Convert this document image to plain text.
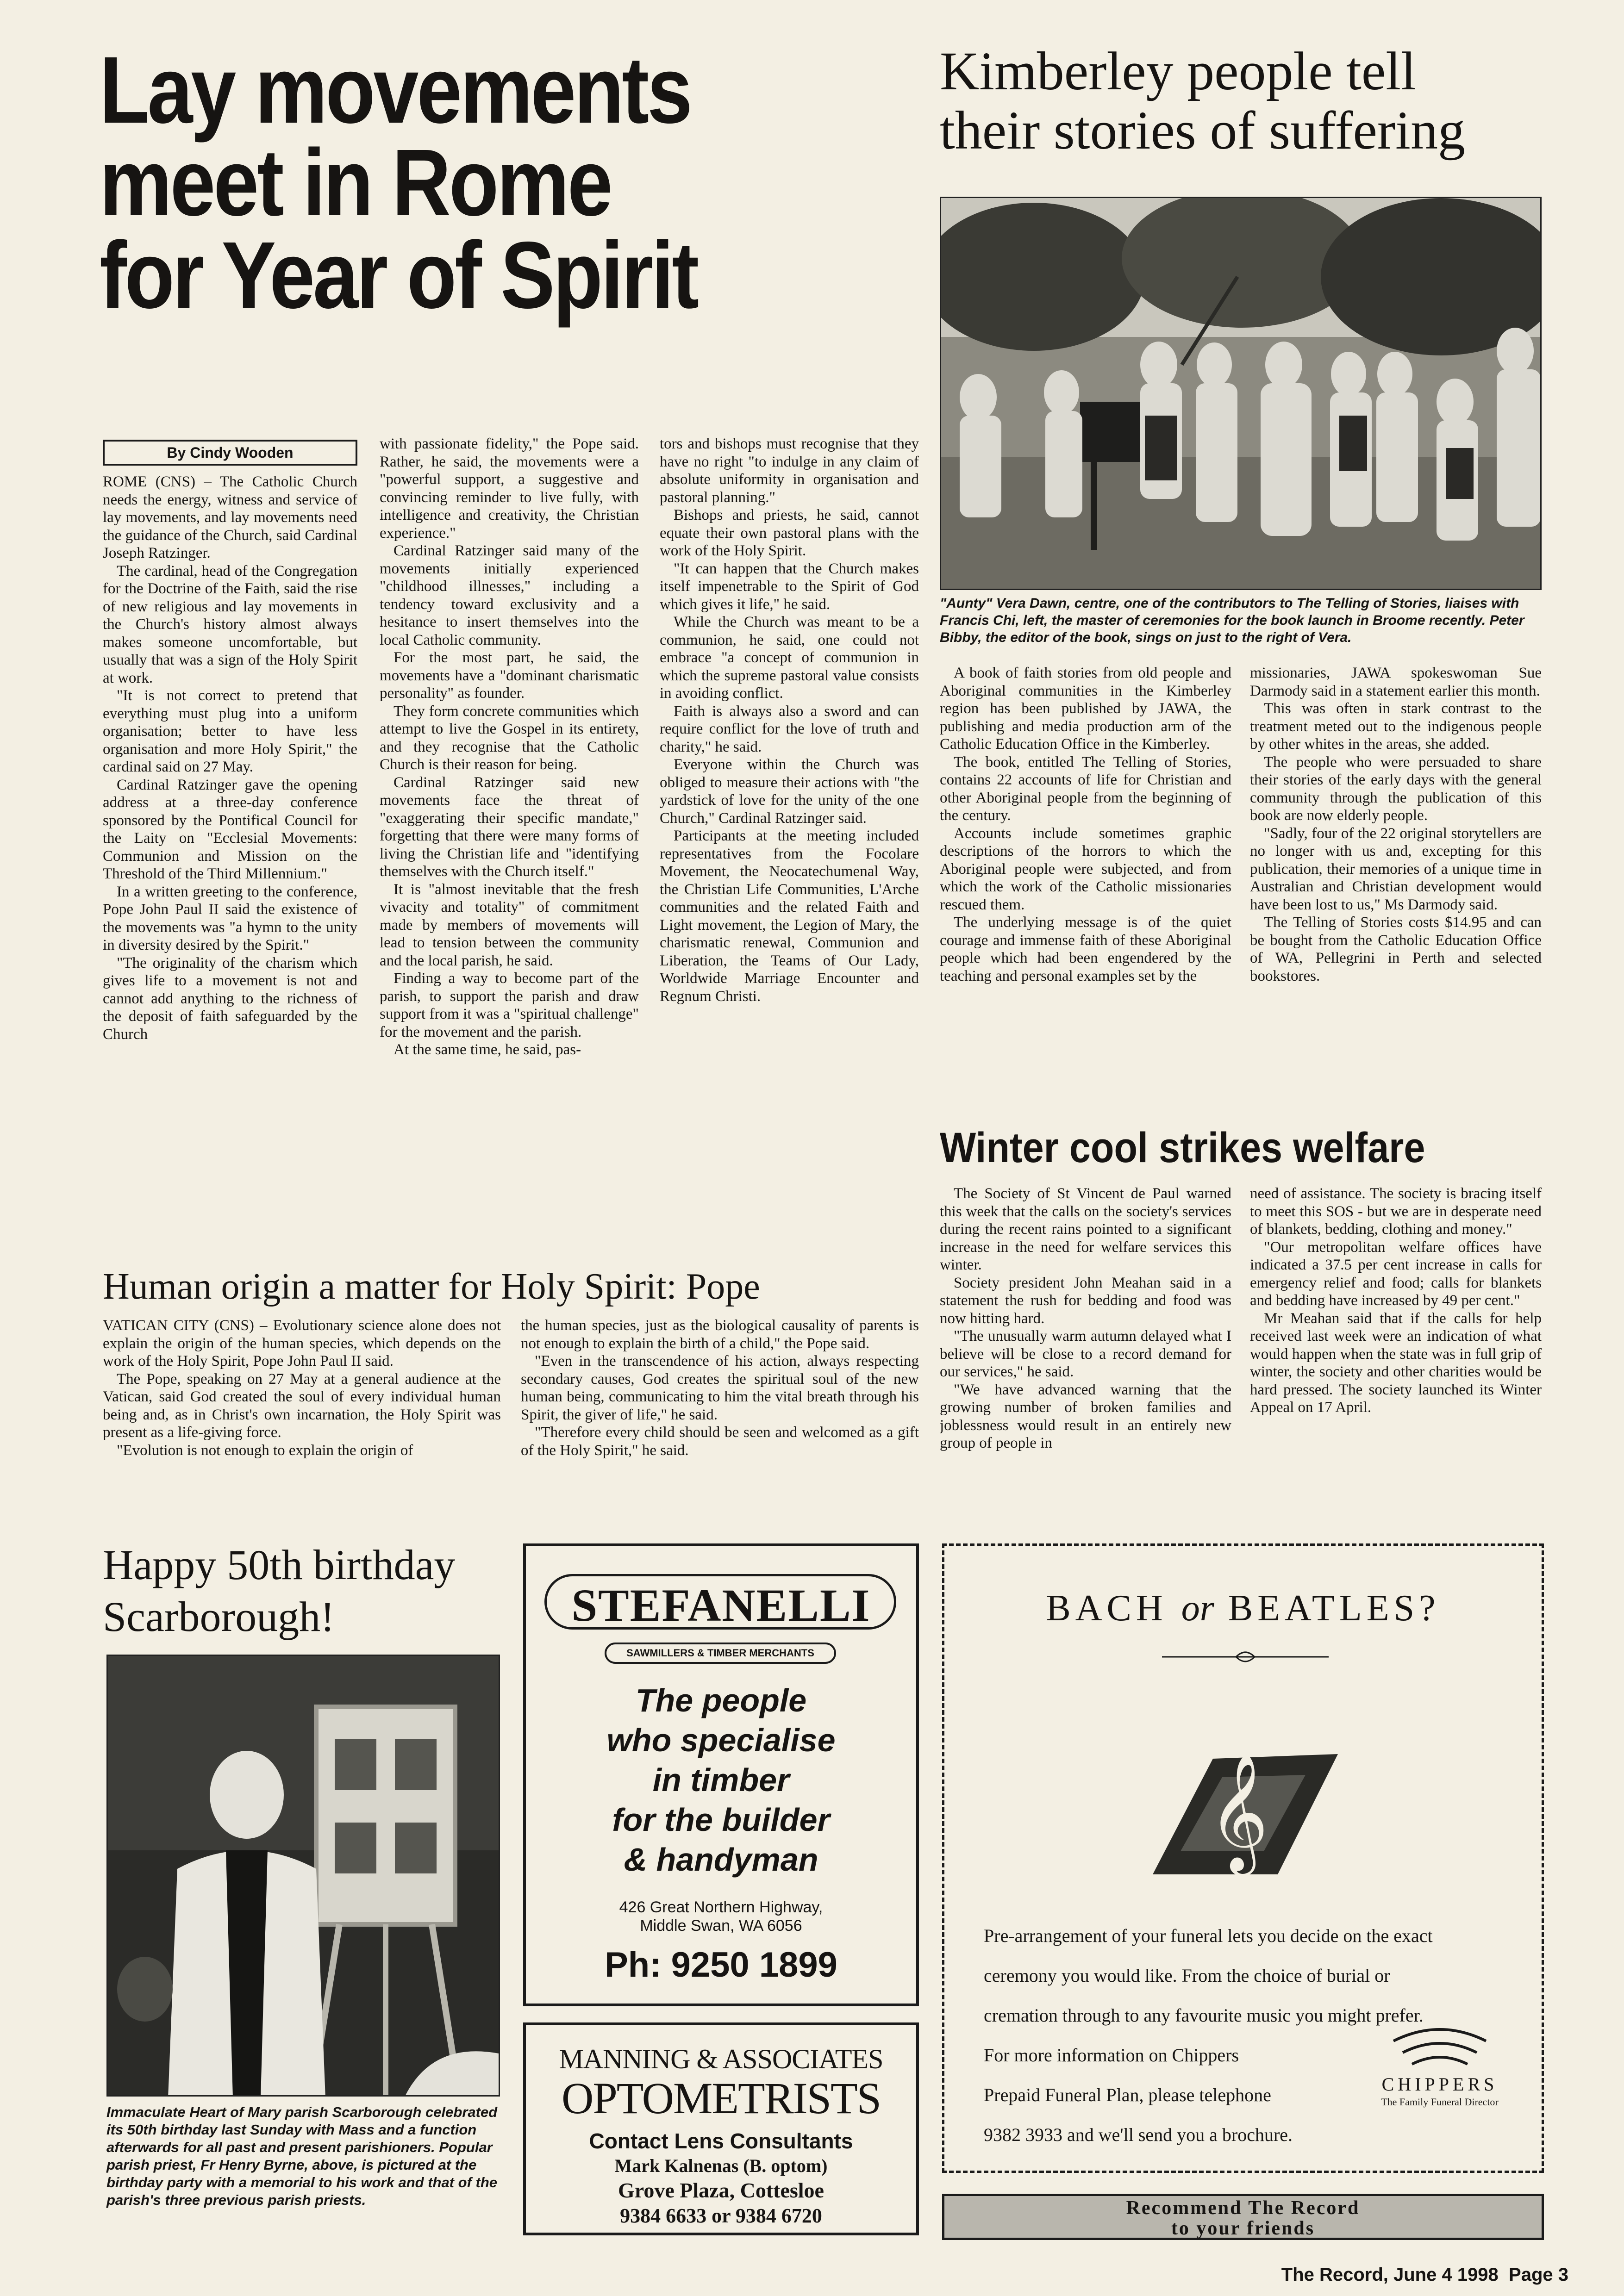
Lay movements
meet in Rome
for Year of Spirit
By Cindy Wooden

ROME (CNS) – The Catholic Church needs the energy, witness and service of lay movements, and lay movements need the guidance of the Church, said Cardinal Joseph Ratzinger.

The cardinal, head of the Congregation for the Doctrine of the Faith, said the rise of new religious and lay movements in the Church's history almost always makes someone uncomfortable, but usually that was a sign of the Holy Spirit at work.

"It is not correct to pretend that everything must plug into a uniform organisation; better to have less organisation and more Holy Spirit," the cardinal said on 27 May.

Cardinal Ratzinger gave the opening address at a three-day conference sponsored by the Pontifical Council for the Laity on "Ecclesial Movements: Communion and Mission on the Threshold of the Third Millennium."

In a written greeting to the conference, Pope John Paul II said the existence of the movements was "a hymn to the unity in diversity desired by the Spirit."

"The originality of the charism which gives life to a movement is not and cannot add anything to the richness of the deposit of faith safeguarded by the Church

with passionate fidelity," the Pope said. Rather, he said, the movements were a "powerful support, a suggestive and convincing reminder to live fully, with intelligence and creativity, the Christian experience."

Cardinal Ratzinger said many of the movements initially experienced "childhood illnesses," including a tendency toward exclusivity and a hesitance to insert themselves into the local Catholic community.

For the most part, he said, the movements have a "dominant charismatic personality" as founder.

They form concrete communities which attempt to live the Gospel in its entirety, and they recognise that the Catholic Church is their reason for being.

Cardinal Ratzinger said new movements face the threat of "exaggerating their specific mandate," forgetting that there were many forms of living the Christian life and "identifying themselves with the Church itself."

It is "almost inevitable that the fresh vivacity and totality" of commitment made by members of movements will lead to tension between the community and the local parish, he said.

Finding a way to become part of the parish, to support the parish and draw support from it was a "spiritual challenge" for the movement and the parish.

At the same time, he said, pas-

tors and bishops must recognise that they have no right "to indulge in any claim of absolute uniformity in organisation and pastoral planning."

Bishops and priests, he said, cannot equate their own pastoral plans with the work of the Holy Spirit.

"It can happen that the Church makes itself impenetrable to the Spirit of God which gives it life," he said.

While the Church was meant to be a communion, he said, one could not embrace "a concept of communion in which the supreme pastoral value consists in avoiding conflict.

Faith is always also a sword and can require conflict for the love of truth and charity," he said.

Everyone within the Church was obliged to measure their actions with "the yardstick of love for the unity of the one Church," Cardinal Ratzinger said.

Participants at the meeting included representatives from the Focolare Movement, the Neocatechumenal Way, the Christian Life Communities, L'Arche communities and the related Faith and Light movement, the Legion of Mary, the charismatic renewal, Communion and Liberation, the Teams of Our Lady, Worldwide Marriage Encounter and Regnum Christi.

Kimberley people tell
their stories of suffering
"Aunty" Vera Dawn, centre, one of the contributors to The Telling of Stories, liaises with Francis Chi, left, the master of ceremonies for the book launch in Broome recently. Peter Bibby, the editor of the book, sings on just to the right of Vera.

A book of faith stories from old people and Aboriginal communities in the Kimberley region has been published by JAWA, the publishing and media production arm of the Catholic Education Office in the Kimberley.

The book, entitled The Telling of Stories, contains 22 accounts of life for Christian and other Aboriginal people from the beginning of the century.

Accounts include sometimes graphic descriptions of the horrors to which the Aboriginal people were subjected, and from which the work of the Catholic missionaries rescued them.

The underlying message is of the quiet courage and immense faith of these Aboriginal people which had been engendered by the teaching and personal examples set by the

missionaries, JAWA spokeswoman Sue Darmody said in a statement earlier this month.

This was often in stark contrast to the treatment meted out to the indigenous people by other whites in the areas, she added.

The people who were persuaded to share their stories of the early days with the general community through the publication of this book are now elderly people.

"Sadly, four of the 22 original storytellers are no longer with us and, excepting for this publication, their memories of a unique time in Australian and Christian development would have been lost to us," Ms Darmody said.

The Telling of Stories costs $14.95 and can be bought from the Catholic Education Office of WA, Pellegrini in Perth and selected bookstores.

Winter cool strikes welfare

The Society of St Vincent de Paul warned this week that the calls on the society's services during the recent rains pointed to a significant increase in the need for welfare services this winter.

Society president John Meahan said in a statement the rush for bedding and food was now hitting hard.

"The unusually warm autumn delayed what I believe will be close to a record demand for our services," he said.

"We have advanced warning that the growing number of broken families and joblessness would result in an entirely new group of people in

need of assistance. The society is bracing itself to meet this SOS - but we are in desperate need of blankets, bedding, clothing and money."

"Our metropolitan welfare offices have indicated a 37.5 per cent increase in calls for emergency relief and food; calls for blankets and bedding have increased by 49 per cent."

Mr Meahan said that if the calls for help received last week were an indication of what would happen when the state was in full grip of winter, the society and other charities would be hard pressed. The society launched its Winter Appeal on 17 April.

Human origin a matter for Holy Spirit: Pope

VATICAN CITY (CNS) – Evolutionary science alone does not explain the origin of the human species, which depends on the work of the Holy Spirit, Pope John Paul II said.

The Pope, speaking on 27 May at a general audience at the Vatican, said God created the soul of every individual human being and, as in Christ's own incarnation, the Holy Spirit was present as a life-giving force.

"Evolution is not enough to explain the origin of

the human species, just as the biological causality of parents is not enough to explain the birth of a child," the Pope said.

"Even in the transcendence of his action, always respecting secondary causes, God creates the spiritual soul of the new human being, communicating to him the vital breath through his Spirit, the giver of life," he said.

"Therefore every child should be seen and welcomed as a gift of the Holy Spirit," he said.

Happy 50th birthday
Scarborough!
Immaculate Heart of Mary parish Scarborough celebrated its 50th birthday last Sunday with Mass and a function afterwards for all past and present parishioners. Popular parish priest, Fr Henry Byrne, above, is pictured at the birthday party with a memorial to his work and that of the parish's three previous parish priests.
STEFANELLI
SAWMILLERS & TIMBER MERCHANTS
The people
who specialise
in timber
for the builder
& handyman
426 Great Northern Highway,
Middle Swan, WA 6056
Ph: 9250 1899
MANNING & ASSOCIATES
OPTOMETRISTS
Contact Lens Consultants
Mark Kalnenas (B. optom)
Grove Plaza, Cottesloe
9384 6633 or 9384 6720
BACH or BEATLES?
𝄞
Pre-arrangement of your funeral lets you decide on the exact
ceremony you would like. From the choice of burial or
cremation through to any favourite music you might prefer.
For more information on Chippers
Prepaid Funeral Plan, please telephone
9382 3933 and we'll send you a brochure.
CHIPPERS
The Family Funeral Director
Recommend The Record
to your friends
The Record, June 4 1998  Page 3
